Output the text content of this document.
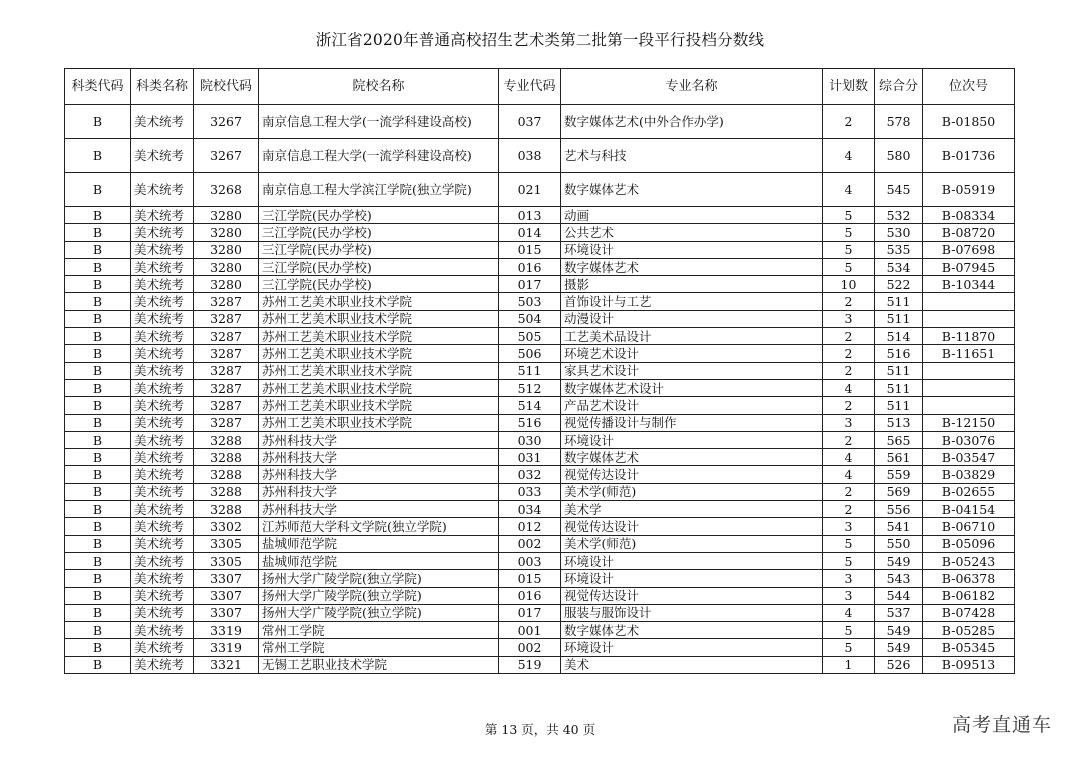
浙江省2020年普通高校招生艺术类第二批第一段平行投档分数线
科类代码	科类名称	院校代码	院校名称	专业代码	专业名称	计划数	综合分	位次号
B	美术统考	3267	南京信息工程大学(一流学科建设高校)	037	数字媒体艺术(中外合作办学)	2	578	B-01850
B	美术统考	3267	南京信息工程大学(一流学科建设高校)	038	艺术与科技	4	580	B-01736
B	美术统考	3268	南京信息工程大学滨江学院(独立学院)	021	数字媒体艺术	4	545	B-05919
B	美术统考	3280	三江学院(民办学校)	013	动画	5	532	B-08334
B	美术统考	3280	三江学院(民办学校)	014	公共艺术	5	530	B-08720
B	美术统考	3280	三江学院(民办学校)	015	环境设计	5	535	B-07698
B	美术统考	3280	三江学院(民办学校)	016	数字媒体艺术	5	534	B-07945
B	美术统考	3280	三江学院(民办学校)	017	摄影	10	522	B-10344
B	美术统考	3287	苏州工艺美术职业技术学院	503	首饰设计与工艺	2	511	
B	美术统考	3287	苏州工艺美术职业技术学院	504	动漫设计	3	511	
B	美术统考	3287	苏州工艺美术职业技术学院	505	工艺美术品设计	2	514	B-11870
B	美术统考	3287	苏州工艺美术职业技术学院	506	环境艺术设计	2	516	B-11651
B	美术统考	3287	苏州工艺美术职业技术学院	511	家具艺术设计	2	511	
B	美术统考	3287	苏州工艺美术职业技术学院	512	数字媒体艺术设计	4	511	
B	美术统考	3287	苏州工艺美术职业技术学院	514	产品艺术设计	2	511	
B	美术统考	3287	苏州工艺美术职业技术学院	516	视觉传播设计与制作	3	513	B-12150
B	美术统考	3288	苏州科技大学	030	环境设计	2	565	B-03076
B	美术统考	3288	苏州科技大学	031	数字媒体艺术	4	561	B-03547
B	美术统考	3288	苏州科技大学	032	视觉传达设计	4	559	B-03829
B	美术统考	3288	苏州科技大学	033	美术学(师范)	2	569	B-02655
B	美术统考	3288	苏州科技大学	034	美术学	2	556	B-04154
B	美术统考	3302	江苏师范大学科文学院(独立学院)	012	视觉传达设计	3	541	B-06710
B	美术统考	3305	盐城师范学院	002	美术学(师范)	5	550	B-05096
B	美术统考	3305	盐城师范学院	003	环境设计	5	549	B-05243
B	美术统考	3307	扬州大学广陵学院(独立学院)	015	环境设计	3	543	B-06378
B	美术统考	3307	扬州大学广陵学院(独立学院)	016	视觉传达设计	3	544	B-06182
B	美术统考	3307	扬州大学广陵学院(独立学院)	017	服装与服饰设计	4	537	B-07428
B	美术统考	3319	常州工学院	001	数字媒体艺术	5	549	B-05285
B	美术统考	3319	常州工学院	002	环境设计	5	549	B-05345
B	美术统考	3321	无锡工艺职业技术学院	519	美术	1	526	B-09513
第 13 页，共 40 页	高考直通车
